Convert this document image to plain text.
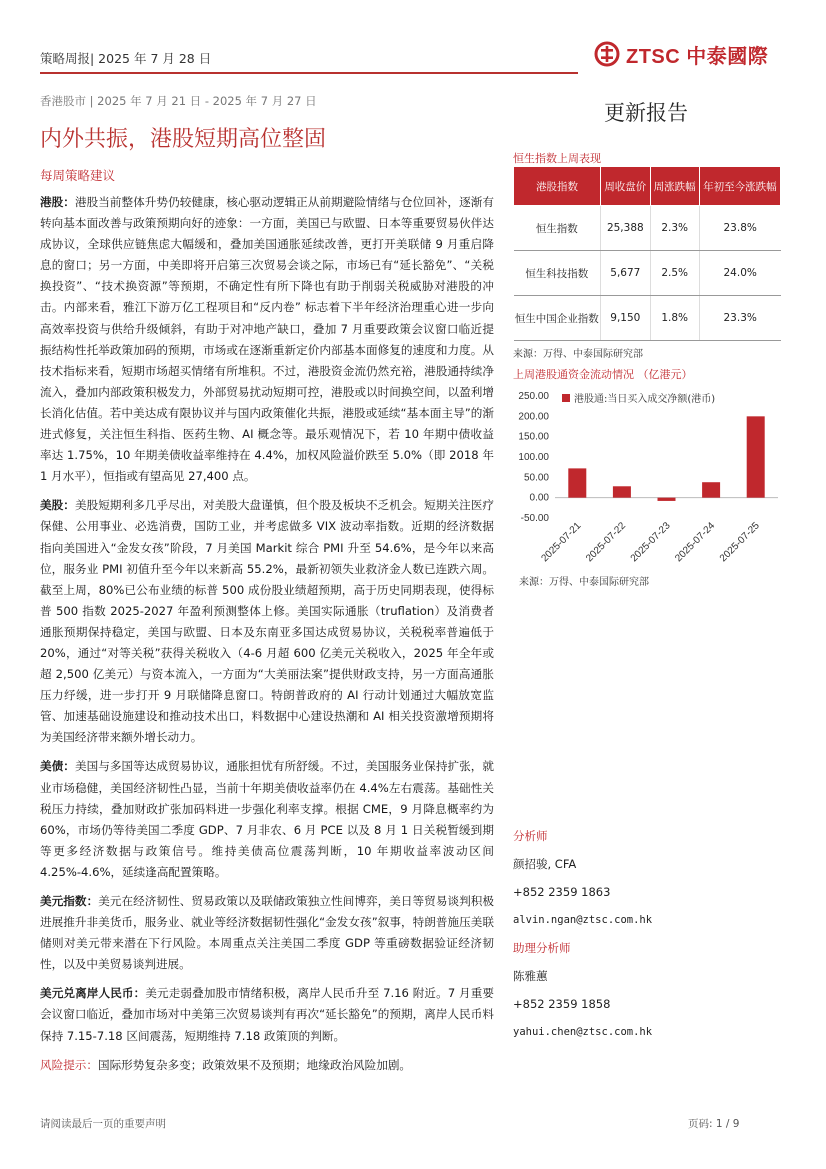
策略周报| 2025 年 7 月 28 日	ZTSC 中泰國際
香港股市 | 2025 年 7 月 21 日 - 2025 年 7 月 27 日	更新报告
内外共振，港股短期高位整固
每周策略建议

港股：港股当前整体升势仍较健康，核心驱动逻辑正从前期避险情绪与仓位回补，逐渐有转向基本面改善与政策预期向好的迹象：一方面，美国已与欧盟、日本等重要贸易伙伴达成协议，全球供应链焦虑大幅缓和，叠加美国通胀延续改善，更打开美联储 9 月重启降息的窗口；另一方面，中美即将开启第三次贸易会谈之际，市场已有“延长豁免”、“关税换投资”、“技术换资源”等预期，不确定性有所下降也有助于削弱关税威胁对港股的冲击。内部来看，雅江下游万亿工程项目和“反内卷” 标志着下半年经济治理重心进一步向高效率投资与供给升级倾斜，有助于对冲地产缺口，叠加 7 月重要政策会议窗口临近提振结构性托举政策加码的预期，市场或在逐渐重新定价内部基本面修复的速度和力度。从技术指标来看，短期市场超买情绪有所堆积。不过，港股资金流仍然充裕，港股通持续净流入，叠加内部政策积极发力，外部贸易扰动短期可控，港股或以时间换空间，以盈利增长消化估值。若中美达成有限协议并与国内政策催化共振，港股或延续“基本面主导”的渐进式修复，关注恒生科指、医药生物、AI 概念等。最乐观情况下，若 10 年期中债收益率达 1.75%，10 年期美债收益率维持在 4.4%，加权风险溢价跌至 5.0%（即 2018 年 1 月水平），恒指或有望高见 27,400 点。

美股：美股短期利多几乎尽出，对美股大盘谨慎，但个股及板块不乏机会。短期关注医疗保健、公用事业、必选消费，国防工业，并考虑做多 VIX 波动率指数。近期的经济数据指向美国进入“金发女孩”阶段，7 月美国 Markit 综合 PMI 升至 54.6%，是今年以来高位，服务业 PMI 初值升至今年以来新高 55.2%，最新初领失业救济金人数已连跌六周。截至上周，80%已公布业绩的标普 500 成份股业绩超预期，高于历史同期表现，使得标普 500 指数 2025-2027 年盈利预测整体上修。美国实际通胀（truflation）及消费者通胀预期保持稳定，美国与欧盟、日本及东南亚多国达成贸易协议，关税税率普遍低于 20%，通过“对等关税”获得关税收入（4-6 月超 600 亿美元关税收入，2025 年全年或超 2,500 亿美元）与资本流入，一方面为“大美丽法案”提供财政支持，另一方面高通胀压力纾缓，进一步打开 9 月联储降息窗口。特朗普政府的 AI 行动计划通过大幅放宽监管、加速基础设施建设和推动技术出口，料数据中心建设热潮和 AI 相关投资激增预期将为美国经济带来额外增长动力。

美债：美国与多国等达成贸易协议，通胀担忧有所舒缓。不过，美国服务业保持扩张，就业市场稳健，美国经济韧性凸显，当前十年期美债收益率仍在 4.4%左右震荡。基础性关税压力持续，叠加财政扩张加码料进一步强化利率支撑。根据 CME，9 月降息概率约为 60%，市场仍等待美国二季度 GDP、7 月非农、6 月 PCE 以及 8 月 1 日关税暂缓到期等更多经济数据与政策信号。维持美债高位震荡判断，10 年期收益率波动区间 4.25%-4.6%，延续逢高配置策略。

美元指数：美元在经济韧性、贸易政策以及联储政策独立性间博弈，美日等贸易谈判积极进展推升非美货币，服务业、就业等经济数据韧性强化“金发女孩”叙事，特朗普施压美联储则对美元带来潜在下行风险。本周重点关注美国二季度 GDP 等重磅数据验证经济韧性，以及中美贸易谈判进展。

美元兑离岸人民币：美元走弱叠加股市情绪积极，离岸人民币升至 7.16 附近。7 月重要会议窗口临近，叠加市场对中美第三次贸易谈判有再次“延长豁免”的预期，离岸人民币料保持 7.15-7.18 区间震荡，短期维持 7.18 政策顶的判断。

风险提示：国际形势复杂多变；政策效果不及预期；地缘政治风险加剧。

恒生指数上周表现
港股指数	周收盘价	周涨跌幅	年初至今涨跌幅
恒生指数	25,388	2.3%	23.8%
恒生科技指数	5,677	2.5%	24.0%
恒生中国企业指数	9,150	1.8%	23.3%
来源：万得、中泰国际研究部
上周港股通资金流动情况 （亿港元）
-50.00
0.00
50.00
100.00
150.00
200.00
250.00
2025-07-21 2025-07-22 2025-07-23 2025-07-24 2025-07-25
港股通:当日买入成交净额(港币)
来源：万得、中泰国际研究部
分析师
颜招骏, CFA
+852 2359 1863
alvin.ngan@ztsc.com.hk
助理分析师
陈雅蕙
+852 2359 1858
yahui.chen@ztsc.com.hk
请阅读最后一页的重要声明	页码: 1 / 9
